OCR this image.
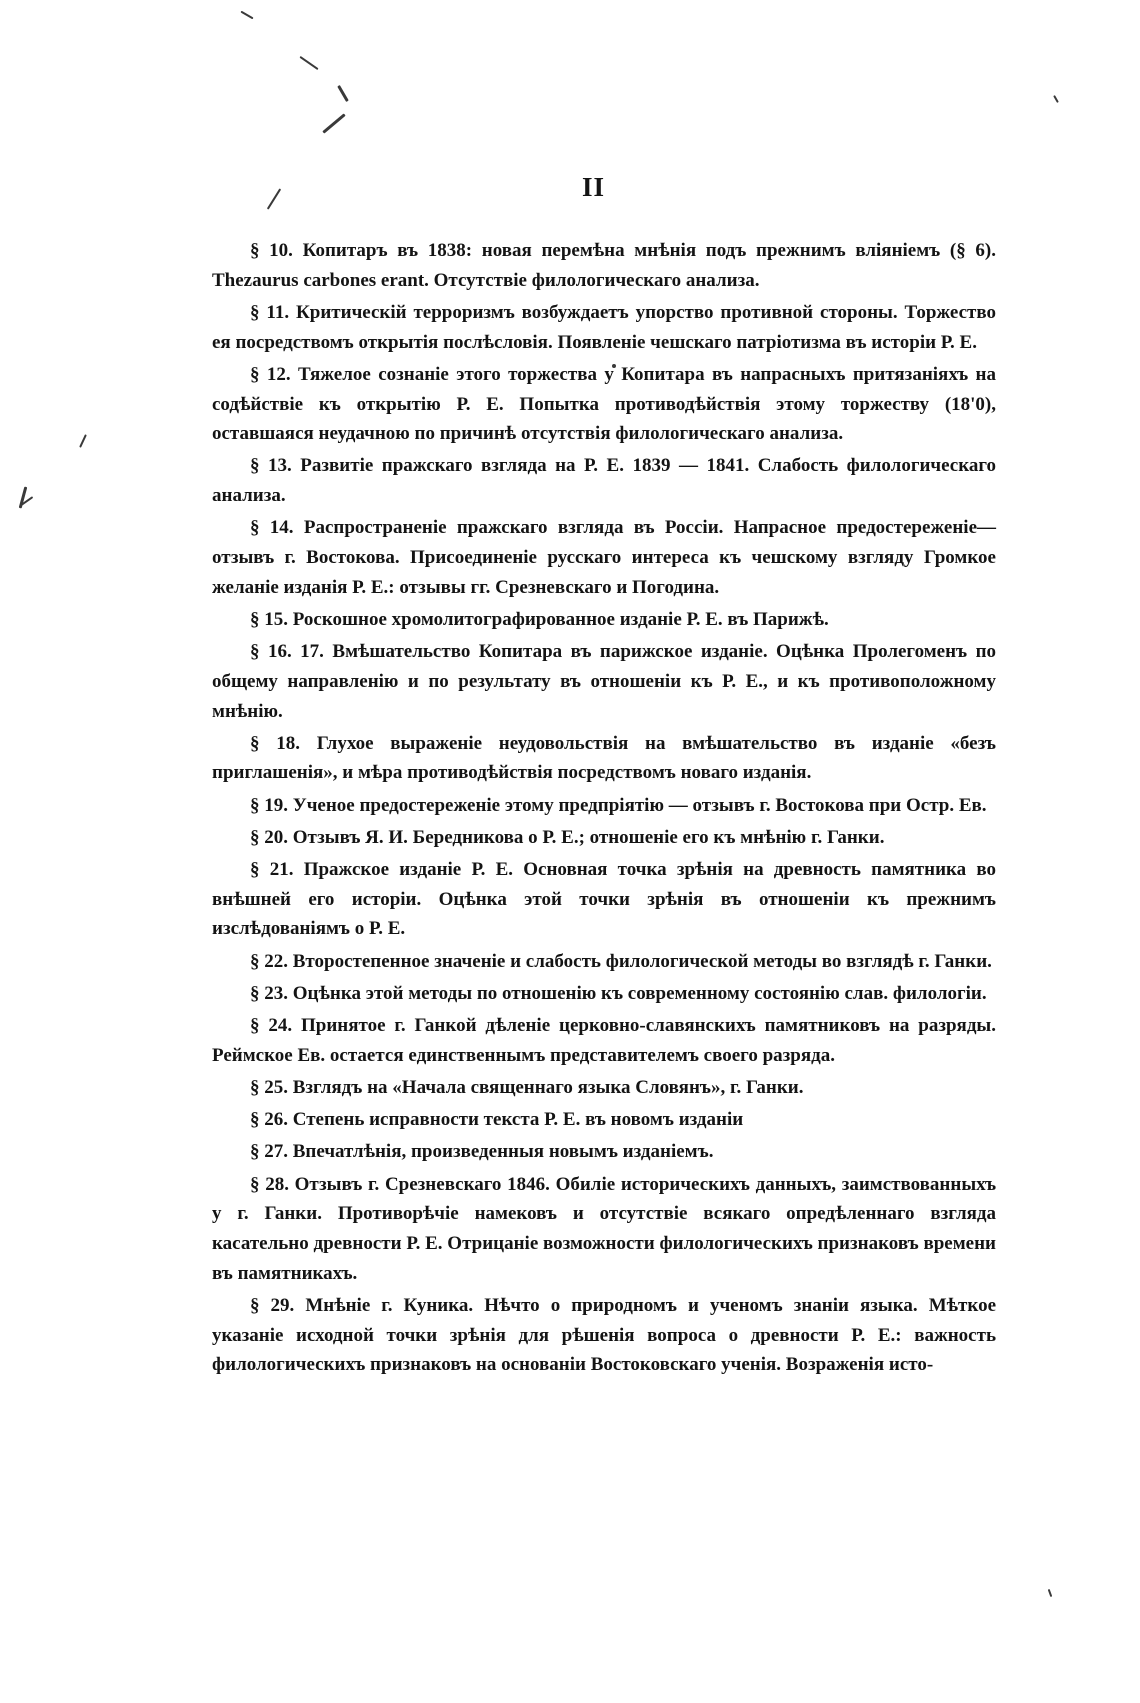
II

§ 10. Копитаръ въ 1838: новая перемѣна мнѣнія подъ прежнимъ вліяніемъ (§ 6). Thezaurus carbones erant. Отсутствіе филологическаго анализа.

§ 11. Критическій терроризмъ возбуждаетъ упорство противной стороны. Торжество ея посредствомъ открытія послѣсловія. Появленіе чешскаго патріотизма въ исторіи Р. Е.

§ 12. Тяжелое сознаніе этого торжества у Копитара въ напрасныхъ притязаніяхъ на содѣйствіе къ открытію Р. Е. Попытка противодѣйствія этому торжеству (18'0), оставшаяся неудачною по причинѣ отсутствія филологическаго анализа.

§ 13. Развитіе пражскаго взгляда на Р. Е. 1839 — 1841. Слабость филологическаго анализа.

§ 14. Распространеніе пражскаго взгляда въ Россіи. Напрасное предостереженіе—отзывъ г. Востокова. Присоединеніе русскаго интереса къ чешскому взгляду Громкое желаніе изданія Р. Е.: отзывы гг. Срезневскаго и Погодина.

§ 15. Роскошное хромолитографированное изданіе Р. Е. въ Парижѣ.

§ 16. 17. Вмѣшательство Копитара въ парижское изданіе. Оцѣнка Пролегоменъ по общему направленію и по результату въ отношеніи къ Р. Е., и къ противоположному мнѣнію.

§ 18. Глухое выраженіе неудовольствія на вмѣшательство въ изданіе «безъ приглашенія», и мѣра противодѣйствія посредствомъ новаго изданія.

§ 19. Ученое предостереженіе этому предпріятію — отзывъ г. Востокова при Остр. Ев.

§ 20. Отзывъ Я. И. Бередникова о Р. Е.; отношеніе его къ мнѣнію г. Ганки.

§ 21. Пражское изданіе Р. Е. Основная точка зрѣнія на древность памятника во внѣшней его исторіи. Оцѣнка этой точки зрѣнія въ отношеніи къ прежнимъ изслѣдованіямъ о Р. Е.

§ 22. Второстепенное значеніе и слабость филологической методы во взглядѣ г. Ганки.

§ 23. Оцѣнка этой методы по отношенію къ современному состоянію слав. филологіи.

§ 24. Принятое г. Ганкой дѣленіе церковно-славянскихъ памятниковъ на разряды. Реймское Ев. остается единственнымъ представителемъ своего разряда.

§ 25. Взглядъ на «Начала священнаго языка Словянъ», г. Ганки.

§ 26. Степень исправности текста Р. Е. въ новомъ изданіи

§ 27. Впечатлѣнія, произведенныя новымъ изданіемъ.

§ 28. Отзывъ г. Срезневскаго 1846. Обиліе историческихъ данныхъ, заимствованныхъ у г. Ганки. Противорѣчіе намековъ и отсутствіе всякаго опредѣленнаго взгляда касательно древности Р. Е. Отрицаніе возможности филологическихъ признаковъ времени въ памятникахъ.

§ 29. Мнѣніе г. Куника. Нѣчто о природномъ и ученомъ знаніи языка. Мѣткое указаніе исходной точки зрѣнія для рѣшенія вопроса о древности Р. Е.: важность филологическихъ признаковъ на основаніи Востоковскаго ученія. Возраженія исто-
